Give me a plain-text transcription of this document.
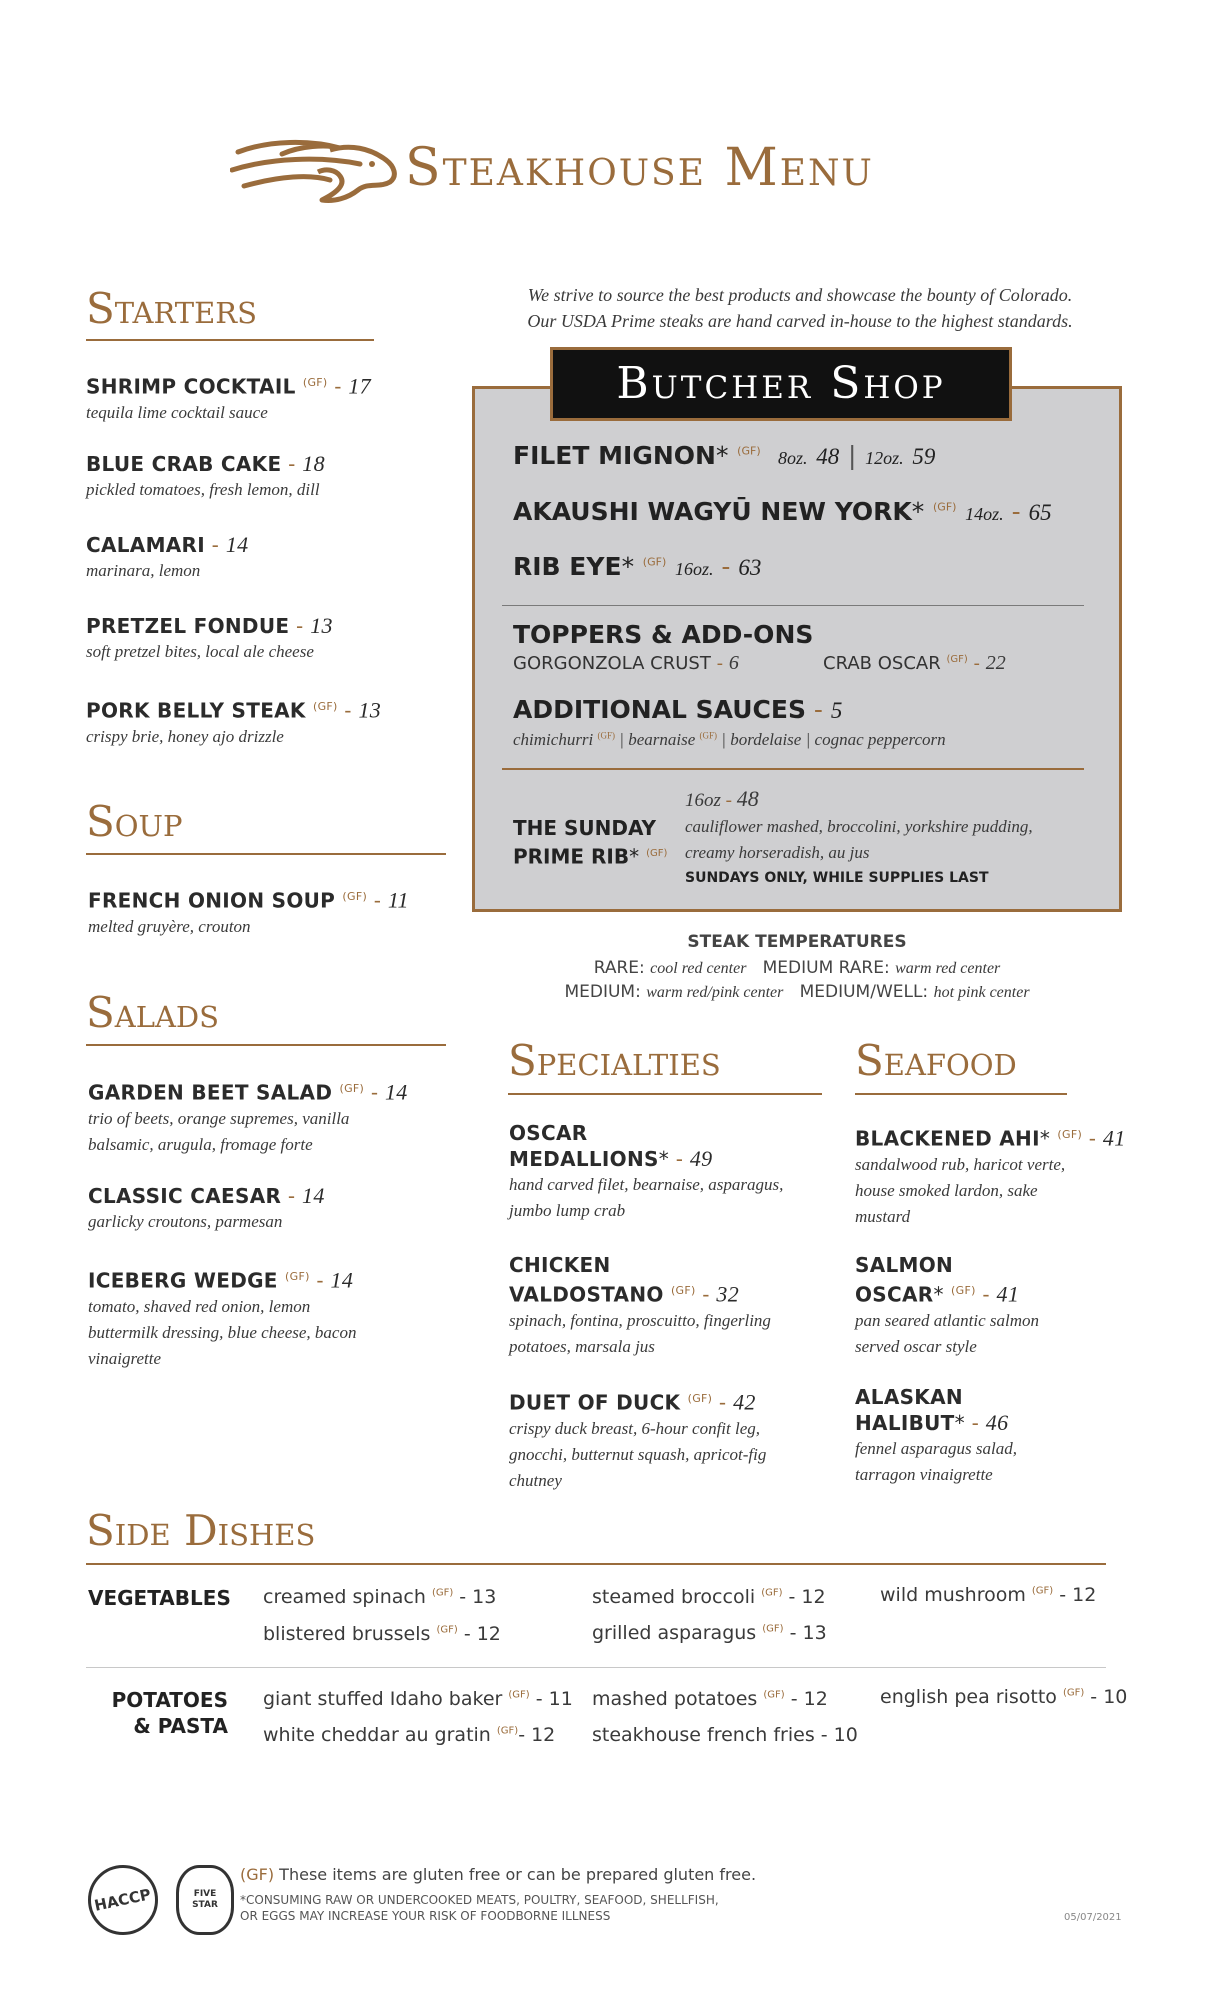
Steakhouse Menu
We strive to source the best products and showcase the bounty of Colorado.
Our USDA Prime steaks are hand carved in-house to the highest standards.
Starters
SHRIMP COCKTAIL $^{(GF)}$ - 17
tequila lime cocktail sauce
BLUE CRAB CAKE - 18
pickled tomatoes, fresh lemon, dill
CALAMARI - 14
marinara, lemon
PRETZEL FONDUE - 13
soft pretzel bites, local ale cheese
PORK BELLY STEAK $^{(GF)}$ - 13
crispy brie, honey ajo drizzle
Soup
FRENCH ONION SOUP $^{(GF)}$ - 11
melted gruyère, crouton
Salads
GARDEN BEET SALAD $^{(GF)}$ - 14
trio of beets, orange supremes, vanilla balsamic, arugula, fromage forte
CLASSIC CAESAR - 14
garlicky croutons, parmesan
ICEBERG WEDGE $^{(GF)}$ - 14
tomato, shaved red onion, lemon buttermilk dressing, blue cheese, bacon vinaigrette
Butcher Shop
FILET MIGNON* $^{(GF)}$ 8oz. 48 | 12oz. 59
AKAUSHI WAGYŪ NEW YORK* $^{(GF)}$ 14oz. - 65
RIB EYE* $^{(GF)}$ 16oz. - 63
TOPPERS & ADD-ONS
GORGONZOLA CRUST - 6	CRAB OSCAR $^{(GF)}$ - 22
ADDITIONAL SAUCES - 5
chimichurri $^{(GF)}$ | bearnaise $^{(GF)}$ | bordelaise | cognac peppercorn
THE SUNDAY
PRIME RIB* $^{(GF)}$
16oz - 48
cauliflower mashed, broccolini, yorkshire pudding,
creamy horseradish, au jus
SUNDAYS ONLY, WHILE SUPPLIES LAST
STEAK TEMPERATURES
RARE: cool red center MEDIUM RARE: warm red center
MEDIUM: warm red/pink center MEDIUM/WELL: hot pink center
Specialties
OSCAR
MEDALLIONS* - 49
hand carved filet, bearnaise, asparagus, jumbo lump crab
CHICKEN
VALDOSTANO $^{(GF)}$ - 32
spinach, fontina, proscuitto, fingerling potatoes, marsala jus
DUET OF DUCK $^{(GF)}$ - 42
crispy duck breast, 6-hour confit leg, gnocchi, butternut squash, apricot-fig chutney
Seafood
BLACKENED AHI* $^{(GF)}$ - 41
sandalwood rub, haricot verte, house smoked lardon, sake mustard
SALMON
OSCAR* $^{(GF)}$ - 41
pan seared atlantic salmon served oscar style
ALASKAN
HALIBUT* - 46
fennel asparagus salad, tarragon vinaigrette
Side Dishes
VEGETABLES creamed spinach $^{(GF)}$ - 13	steamed broccoli $^{(GF)}$ - 12	wild mushroom $^{(GF)}$ - 12
blistered brussels $^{(GF)}$ - 12	grilled asparagus $^{(GF)}$ - 13
POTATOES
& PASTA
giant stuffed Idaho baker $^{(GF)}$ - 11 mashed potatoes $^{(GF)}$ - 12	english pea risotto $^{(GF)}$ - 10
white cheddar au gratin $^{(GF)}$- 12 steakhouse french fries - 10
HACCP	FIVE STAR
(GF) These items are gluten free or can be prepared gluten free.
*CONSUMING RAW OR UNDERCOOKED MEATS, POULTRY, SEAFOOD, SHELLFISH,
OR EGGS MAY INCREASE YOUR RISK OF FOODBORNE ILLNESS	05/07/2021
